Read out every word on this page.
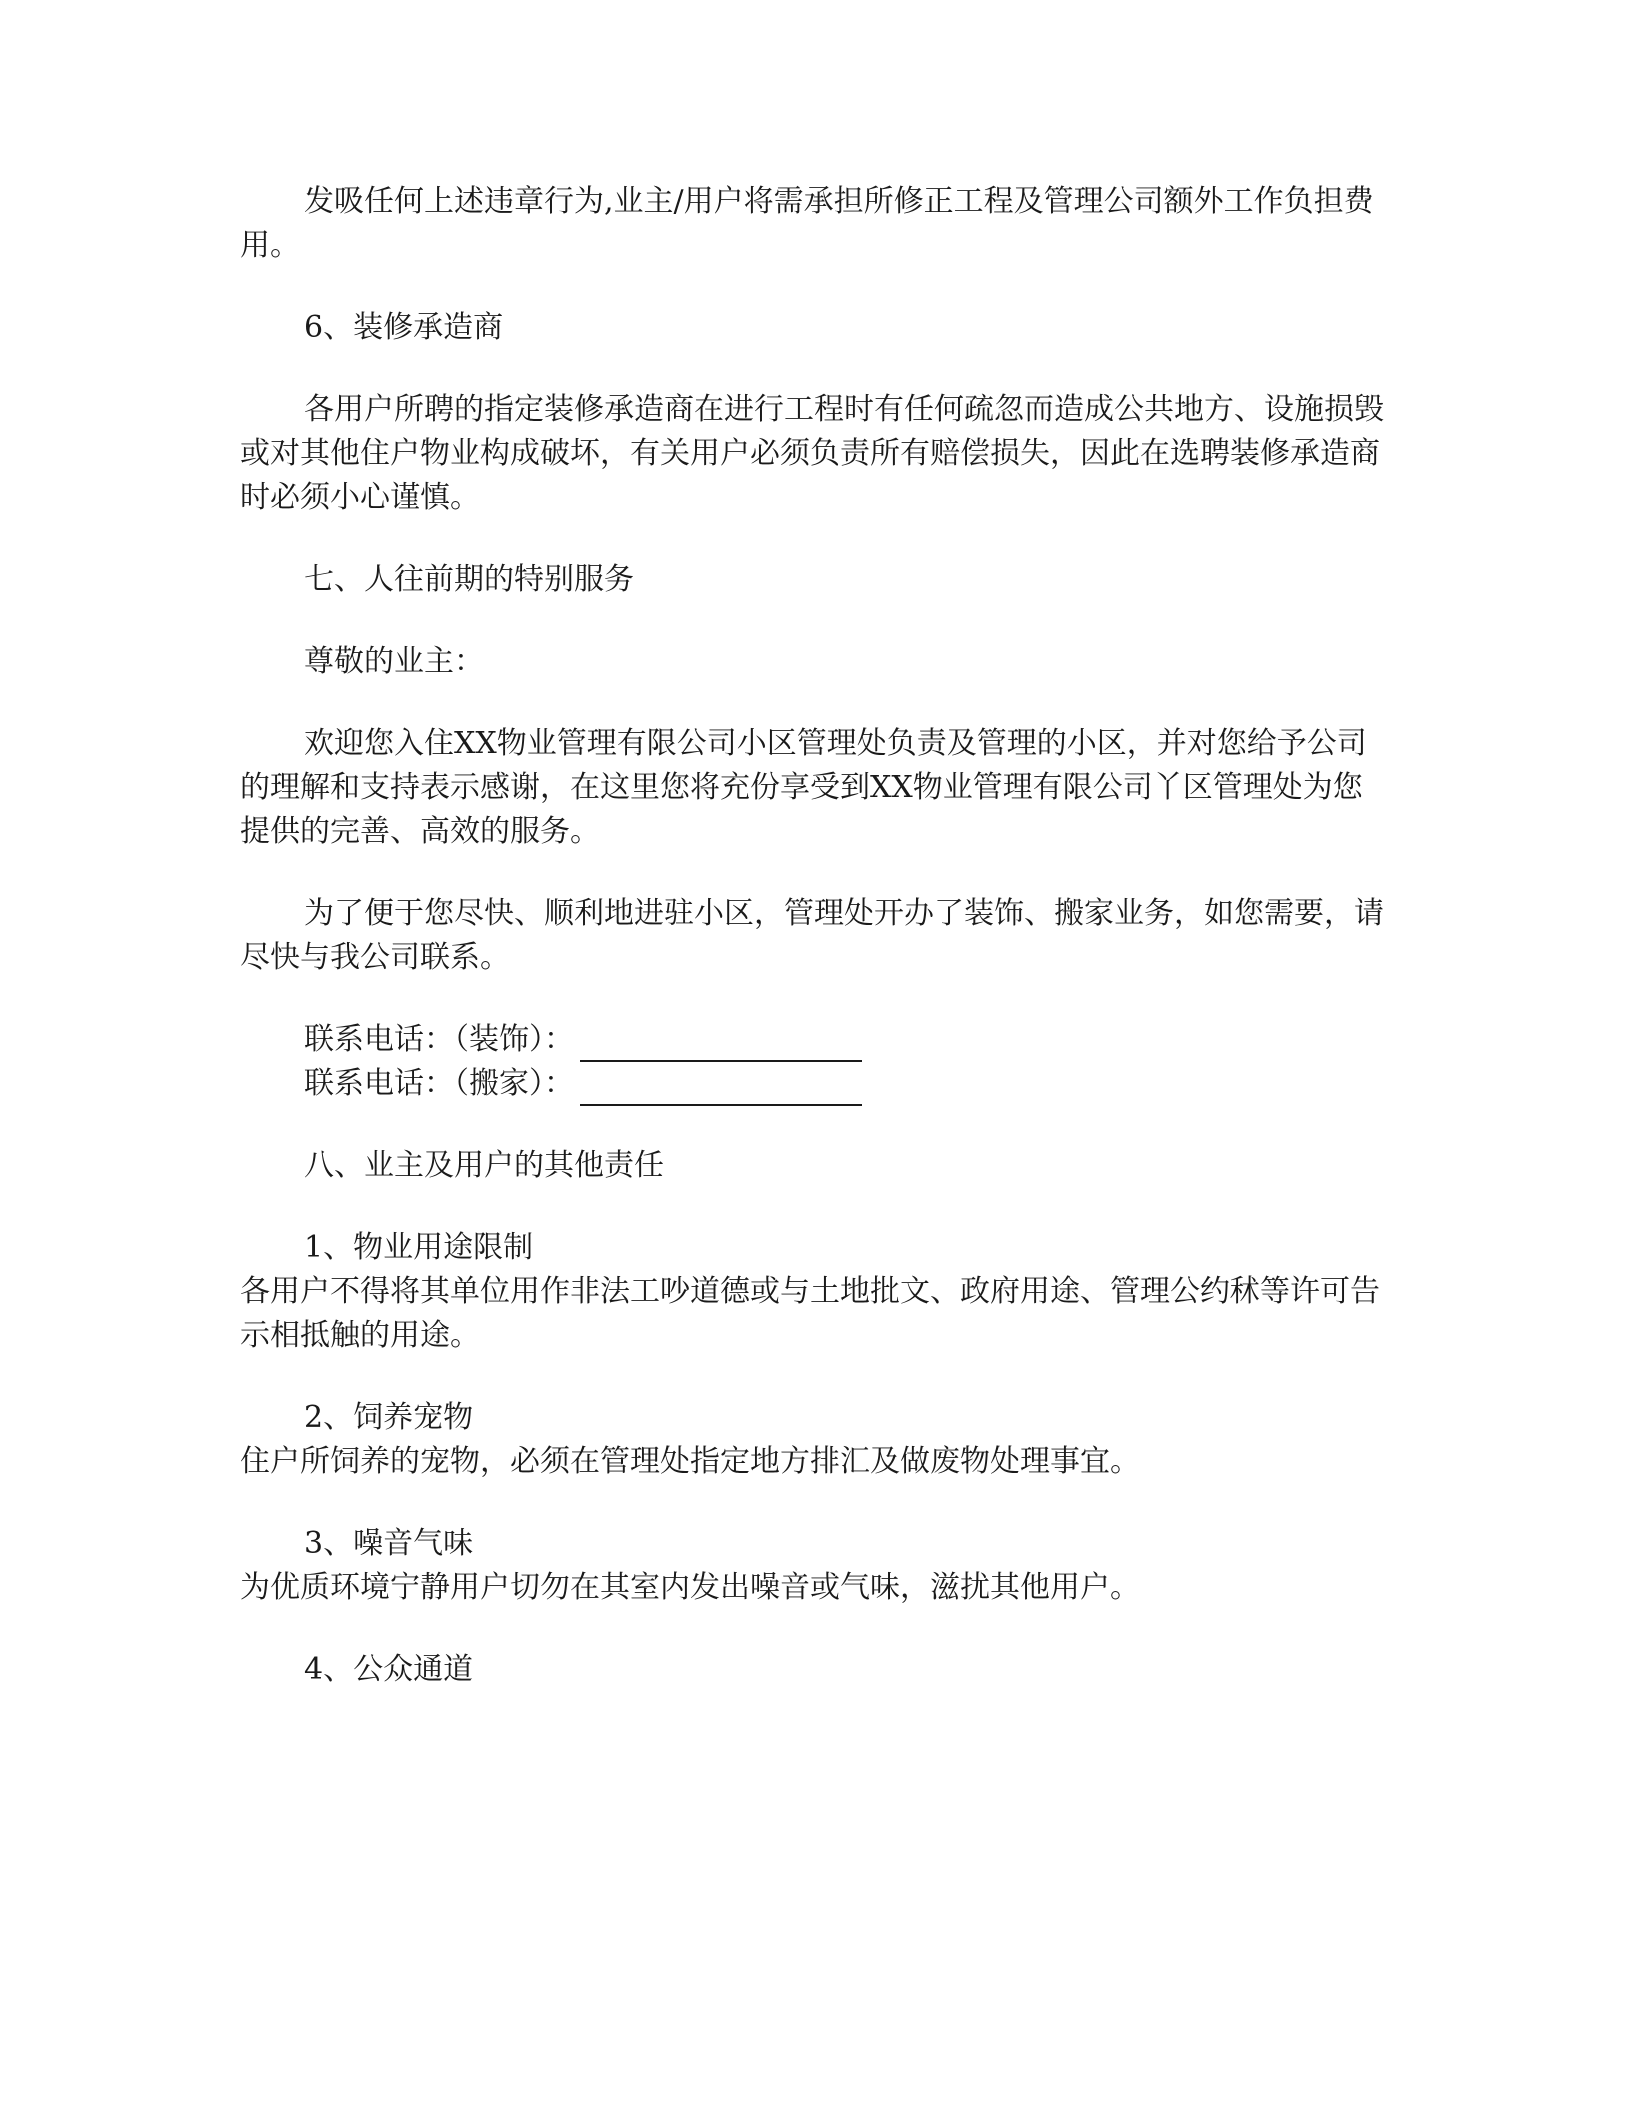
发吸任何上述违章行为,业主/用户将需承担所修正工程及管理公司额外工作负担费用。

6、装修承造商

各用户所聘的指定装修承造商在进行工程时有任何疏忽而造成公共地方、设施损毁或对其他住户物业构成破坏，有关用户必须负责所有赔偿损失，因此在选聘装修承造商时必须小心谨慎。

七、人往前期的特别服务

尊敬的业主：

欢迎您入住XX物业管理有限公司小区管理处负责及管理的小区，并对您给予公司的理解和支持表示感谢，在这里您将充份享受到XX物业管理有限公司丫区管理处为您提供的完善、高效的服务。

为了便于您尽快、顺利地进驻小区，管理处开办了装饰、搬家业务，如您需要，请尽快与我公司联系。

联系电话：（装饰）：
联系电话：（搬家）：

八、业主及用户的其他责任

1、物业用途限制

各用户不得将其单位用作非法工吵道德或与土地批文、政府用途、管理公约秫等许可告示相抵触的用途。

2、饲养宠物

住户所饲养的宠物，必须在管理处指定地方排汇及做废物处理事宜。

3、噪音气味

为优质环境宁静用户切勿在其室内发出噪音或气味，滋扰其他用户。

4、公众通道
